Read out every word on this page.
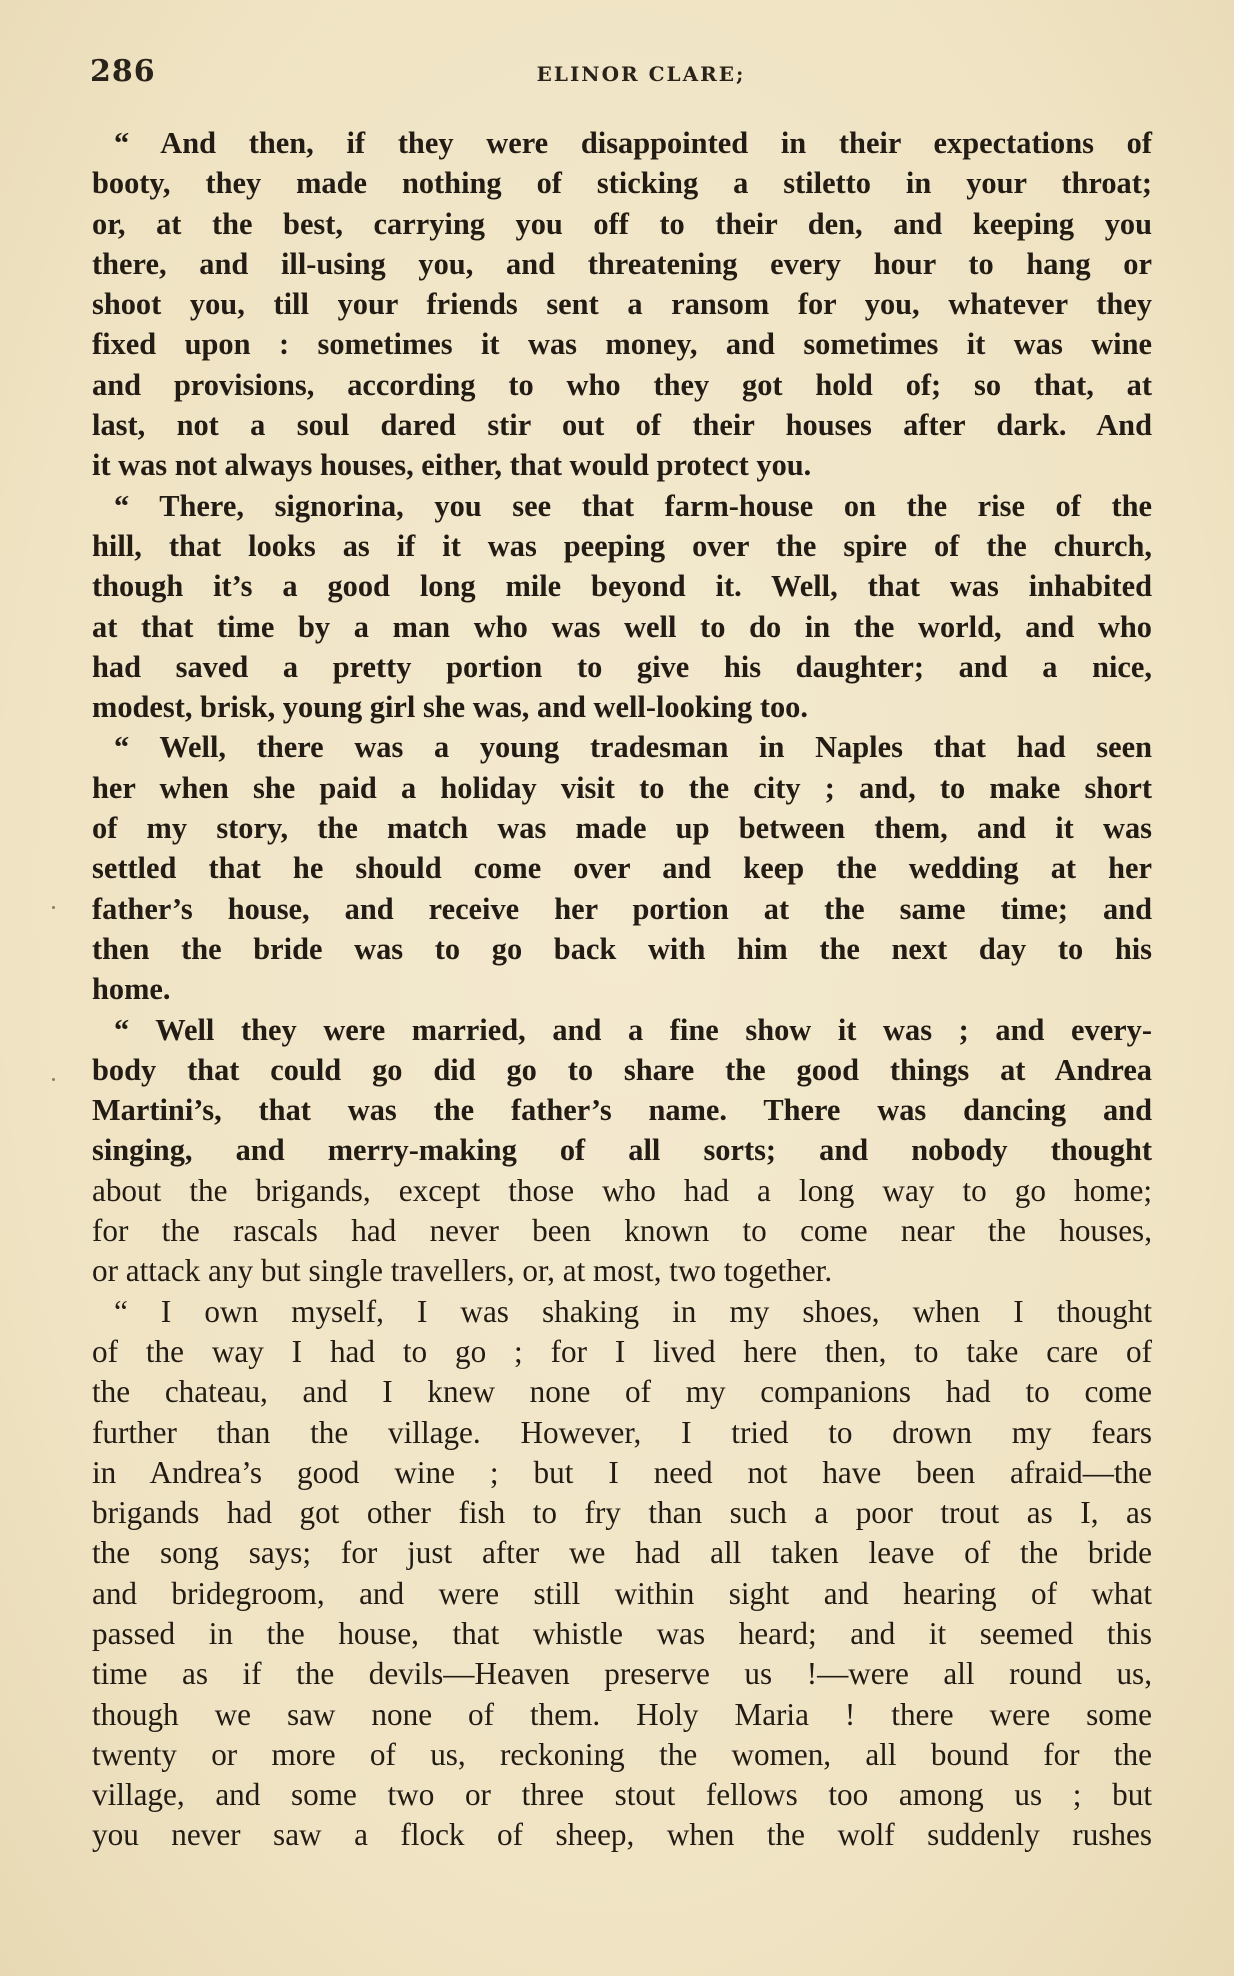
286	ELINOR CLARE;
“ And then, if they were disappointed in their expectations of
booty, they made nothing of sticking a stiletto in your throat;
or, at the best, carrying you off to their den, and keeping you
there, and ill-using you, and threatening every hour to hang or
shoot you, till your friends sent a ransom for you, whatever they
fixed upon : sometimes it was money, and sometimes it was wine
and provisions, according to who they got hold of; so that, at
last, not a soul dared stir out of their houses after dark. And
it was not always houses, either, that would protect you.
“ There, signorina, you see that farm-house on the rise of the
hill, that looks as if it was peeping over the spire of the church,
though it’s a good long mile beyond it. Well, that was inhabited
at that time by a man who was well to do in the world, and who
had saved a pretty portion to give his daughter; and a nice,
modest, brisk, young girl she was, and well-looking too.
“ Well, there was a young tradesman in Naples that had seen
her when she paid a holiday visit to the city ; and, to make short
of my story, the match was made up between them, and it was
settled that he should come over and keep the wedding at her
father’s house, and receive her portion at the same time; and
then the bride was to go back with him the next day to his
home.
“ Well they were married, and a fine show it was ; and every-
body that could go did go to share the good things at Andrea
Martini’s, that was the father’s name. There was dancing and
singing, and merry-making of all sorts; and nobody thought
about the brigands, except those who had a long way to go home;
for the rascals had never been known to come near the houses,
or attack any but single travellers, or, at most, two together.
“ I own myself, I was shaking in my shoes, when I thought
of the way I had to go ; for I lived here then, to take care of
the chateau, and I knew none of my companions had to come
further than the village. However, I tried to drown my fears
in Andrea’s good wine ; but I need not have been afraid—the
brigands had got other fish to fry than such a poor trout as I, as
the song says; for just after we had all taken leave of the bride
and bridegroom, and were still within sight and hearing of what
passed in the house, that whistle was heard; and it seemed this
time as if the devils—Heaven preserve us !—were all round us,
though we saw none of them. Holy Maria ! there were some
twenty or more of us, reckoning the women, all bound for the
village, and some two or three stout fellows too among us ; but
you never saw a flock of sheep, when the wolf suddenly rushes
